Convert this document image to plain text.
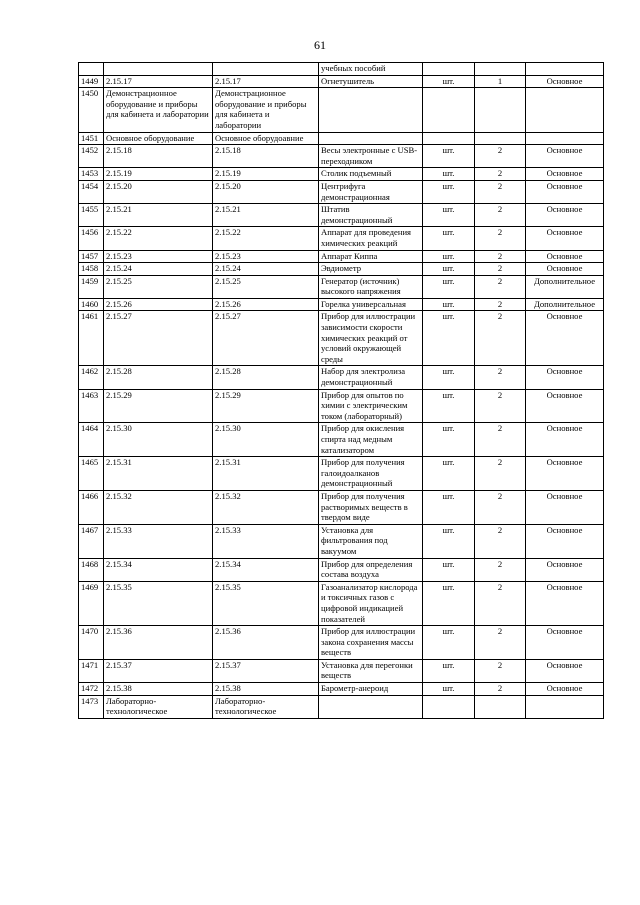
61
			учебных пособий			
1449	2.15.17	2.15.17	Огнетушитель	шт.	1	Основное
1450	Демонстрационное оборудование и приборы для кабинета и лаборатории	Демонстрационное оборудование и приборы для кабинета и лаборатории				
1451	Основное оборудование	Основное оборудоавние				
1452	2.15.18	2.15.18	Весы электронные с USB-переходником	шт.	2	Основное
1453	2.15.19	2.15.19	Столик подъемный	шт.	2	Основное
1454	2.15.20	2.15.20	Центрифуга демонстрационная	шт.	2	Основное
1455	2.15.21	2.15.21	Штатив демонстрационный	шт.	2	Основное
1456	2.15.22	2.15.22	Аппарат для проведения химических реакций	шт.	2	Основное
1457	2.15.23	2.15.23	Аппарат Киппа	шт.	2	Основное
1458	2.15.24	2.15.24	Эвдиометр	шт.	2	Основное
1459	2.15.25	2.15.25	Генератор (источник) высокого напряжения	шт.	2	Дополнительное
1460	2.15.26	2.15.26	Горелка универсальная	шт.	2	Дополнительное
1461	2.15.27	2.15.27	Прибор для иллюстрации зависимости скорости химических реакций от условий окружающей среды	шт.	2	Основное
1462	2.15.28	2.15.28	Набор для электролиза демонстрационный	шт.	2	Основное
1463	2.15.29	2.15.29	Прибор для опытов по химии с электрическим током (лабораторный)	шт.	2	Основное
1464	2.15.30	2.15.30	Прибор для окисления спирта над медным катализатором	шт.	2	Основное
1465	2.15.31	2.15.31	Прибор для получения галоидоалканов демонстрационный	шт.	2	Основное
1466	2.15.32	2.15.32	Прибор для получения растворимых веществ в твердом виде	шт.	2	Основное
1467	2.15.33	2.15.33	Установка для фильтрования под вакуумом	шт.	2	Основное
1468	2.15.34	2.15.34	Прибор для определения состава воздуха	шт.	2	Основное
1469	2.15.35	2.15.35	Газоанализатор кислорода и токсичных газов с цифровой индикацией показателей	шт.	2	Основное
1470	2.15.36	2.15.36	Прибор для иллюстрации закона сохранения массы веществ	шт.	2	Основное
1471	2.15.37	2.15.37	Установка для перегонки веществ	шт.	2	Основное
1472	2.15.38	2.15.38	Барометр-анероид	шт.	2	Основное
1473	Лабораторно-технологическое	Лабораторно-технологическое				
